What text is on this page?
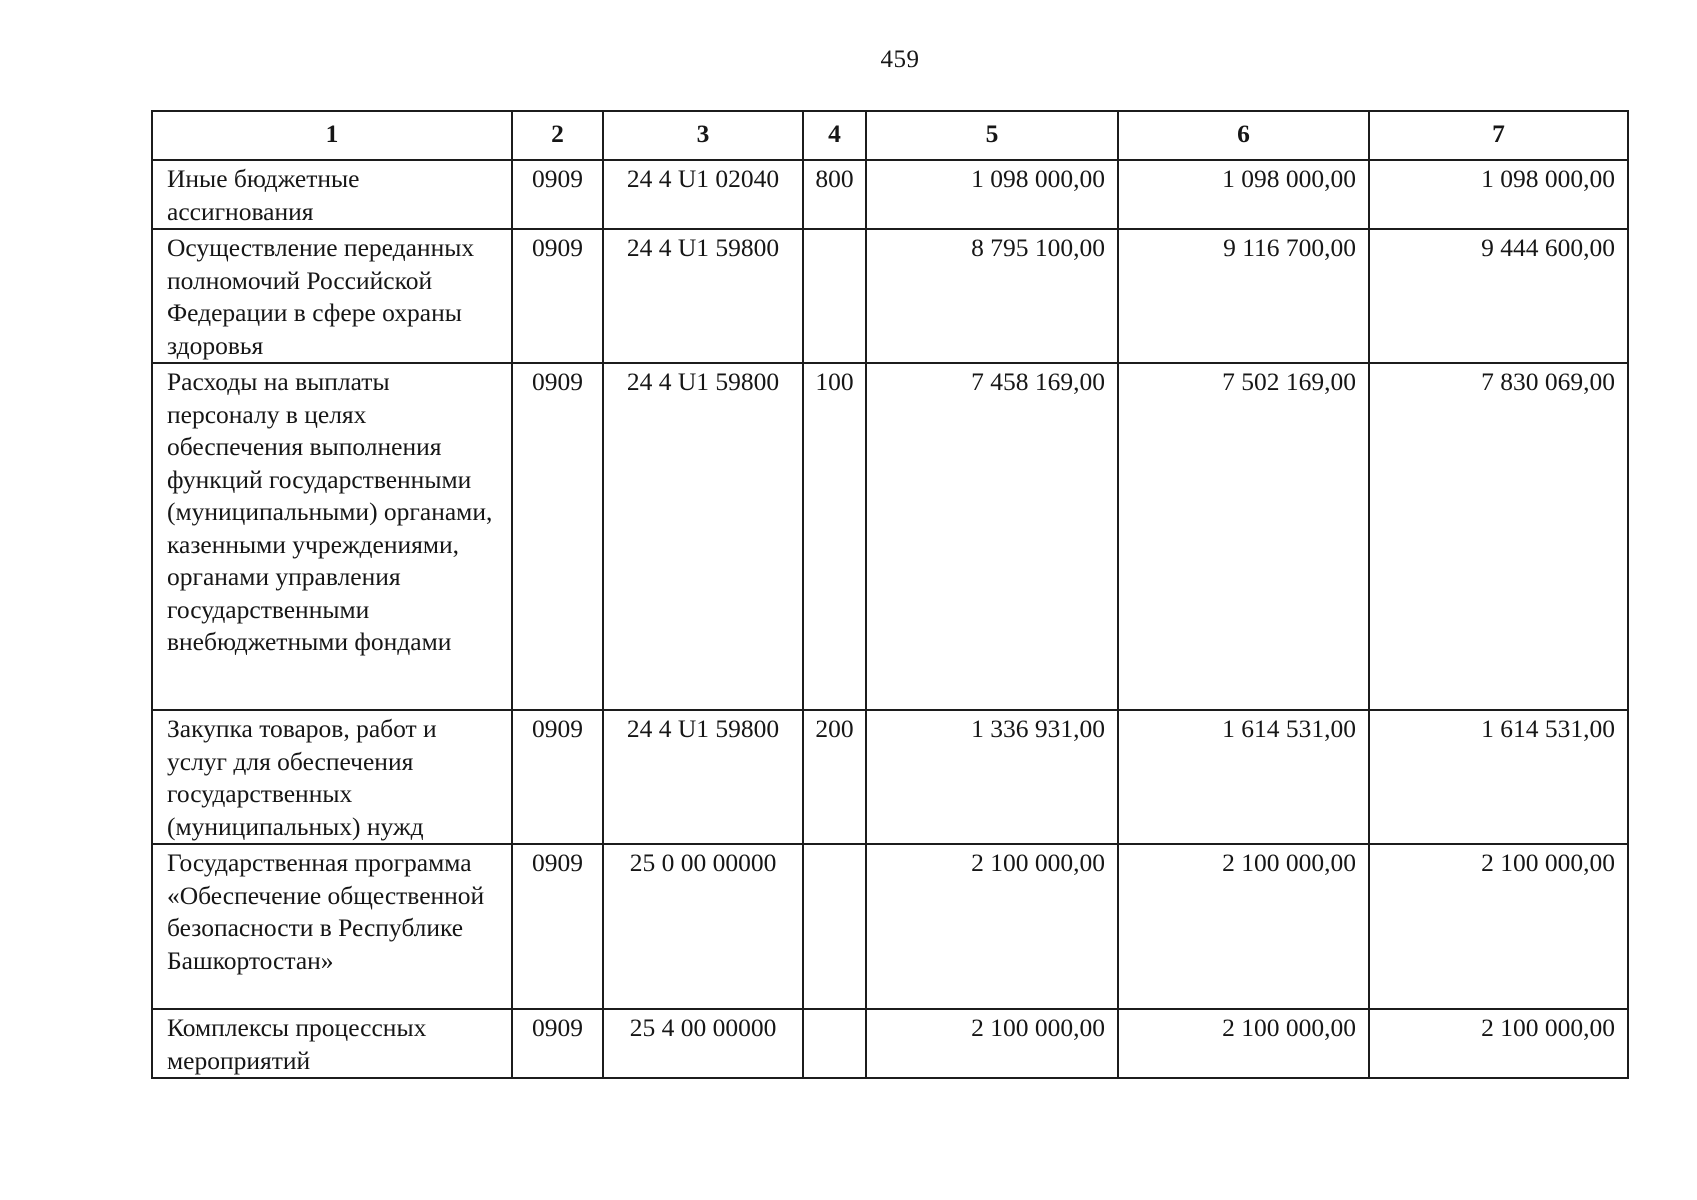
459
1	2	3	4	5	6	7
Иные бюджетные ассигнования	0909	24 4 U1 02040	800	1 098 000,00	1 098 000,00	1 098 000,00
Осуществление переданных полномочий Российской Федерации в сфере охраны здоровья	0909	24 4 U1 59800		8 795 100,00	9 116 700,00	9 444 600,00
Расходы на выплаты персоналу в целях обеспечения выполнения функций государственными (муниципальными) органами, казенными учреждениями, органами управления государственными внебюджетными фондами	0909	24 4 U1 59800	100	7 458 169,00	7 502 169,00	7 830 069,00
Закупка товаров, работ и услуг для обеспечения государственных (муниципальных) нужд	0909	24 4 U1 59800	200	1 336 931,00	1 614 531,00	1 614 531,00
Государственная программа «Обеспечение общественной безопасности в Республике Башкортостан»	0909	25 0 00 00000		2 100 000,00	2 100 000,00	2 100 000,00
Комплексы процессных мероприятий	0909	25 4 00 00000		2 100 000,00	2 100 000,00	2 100 000,00
